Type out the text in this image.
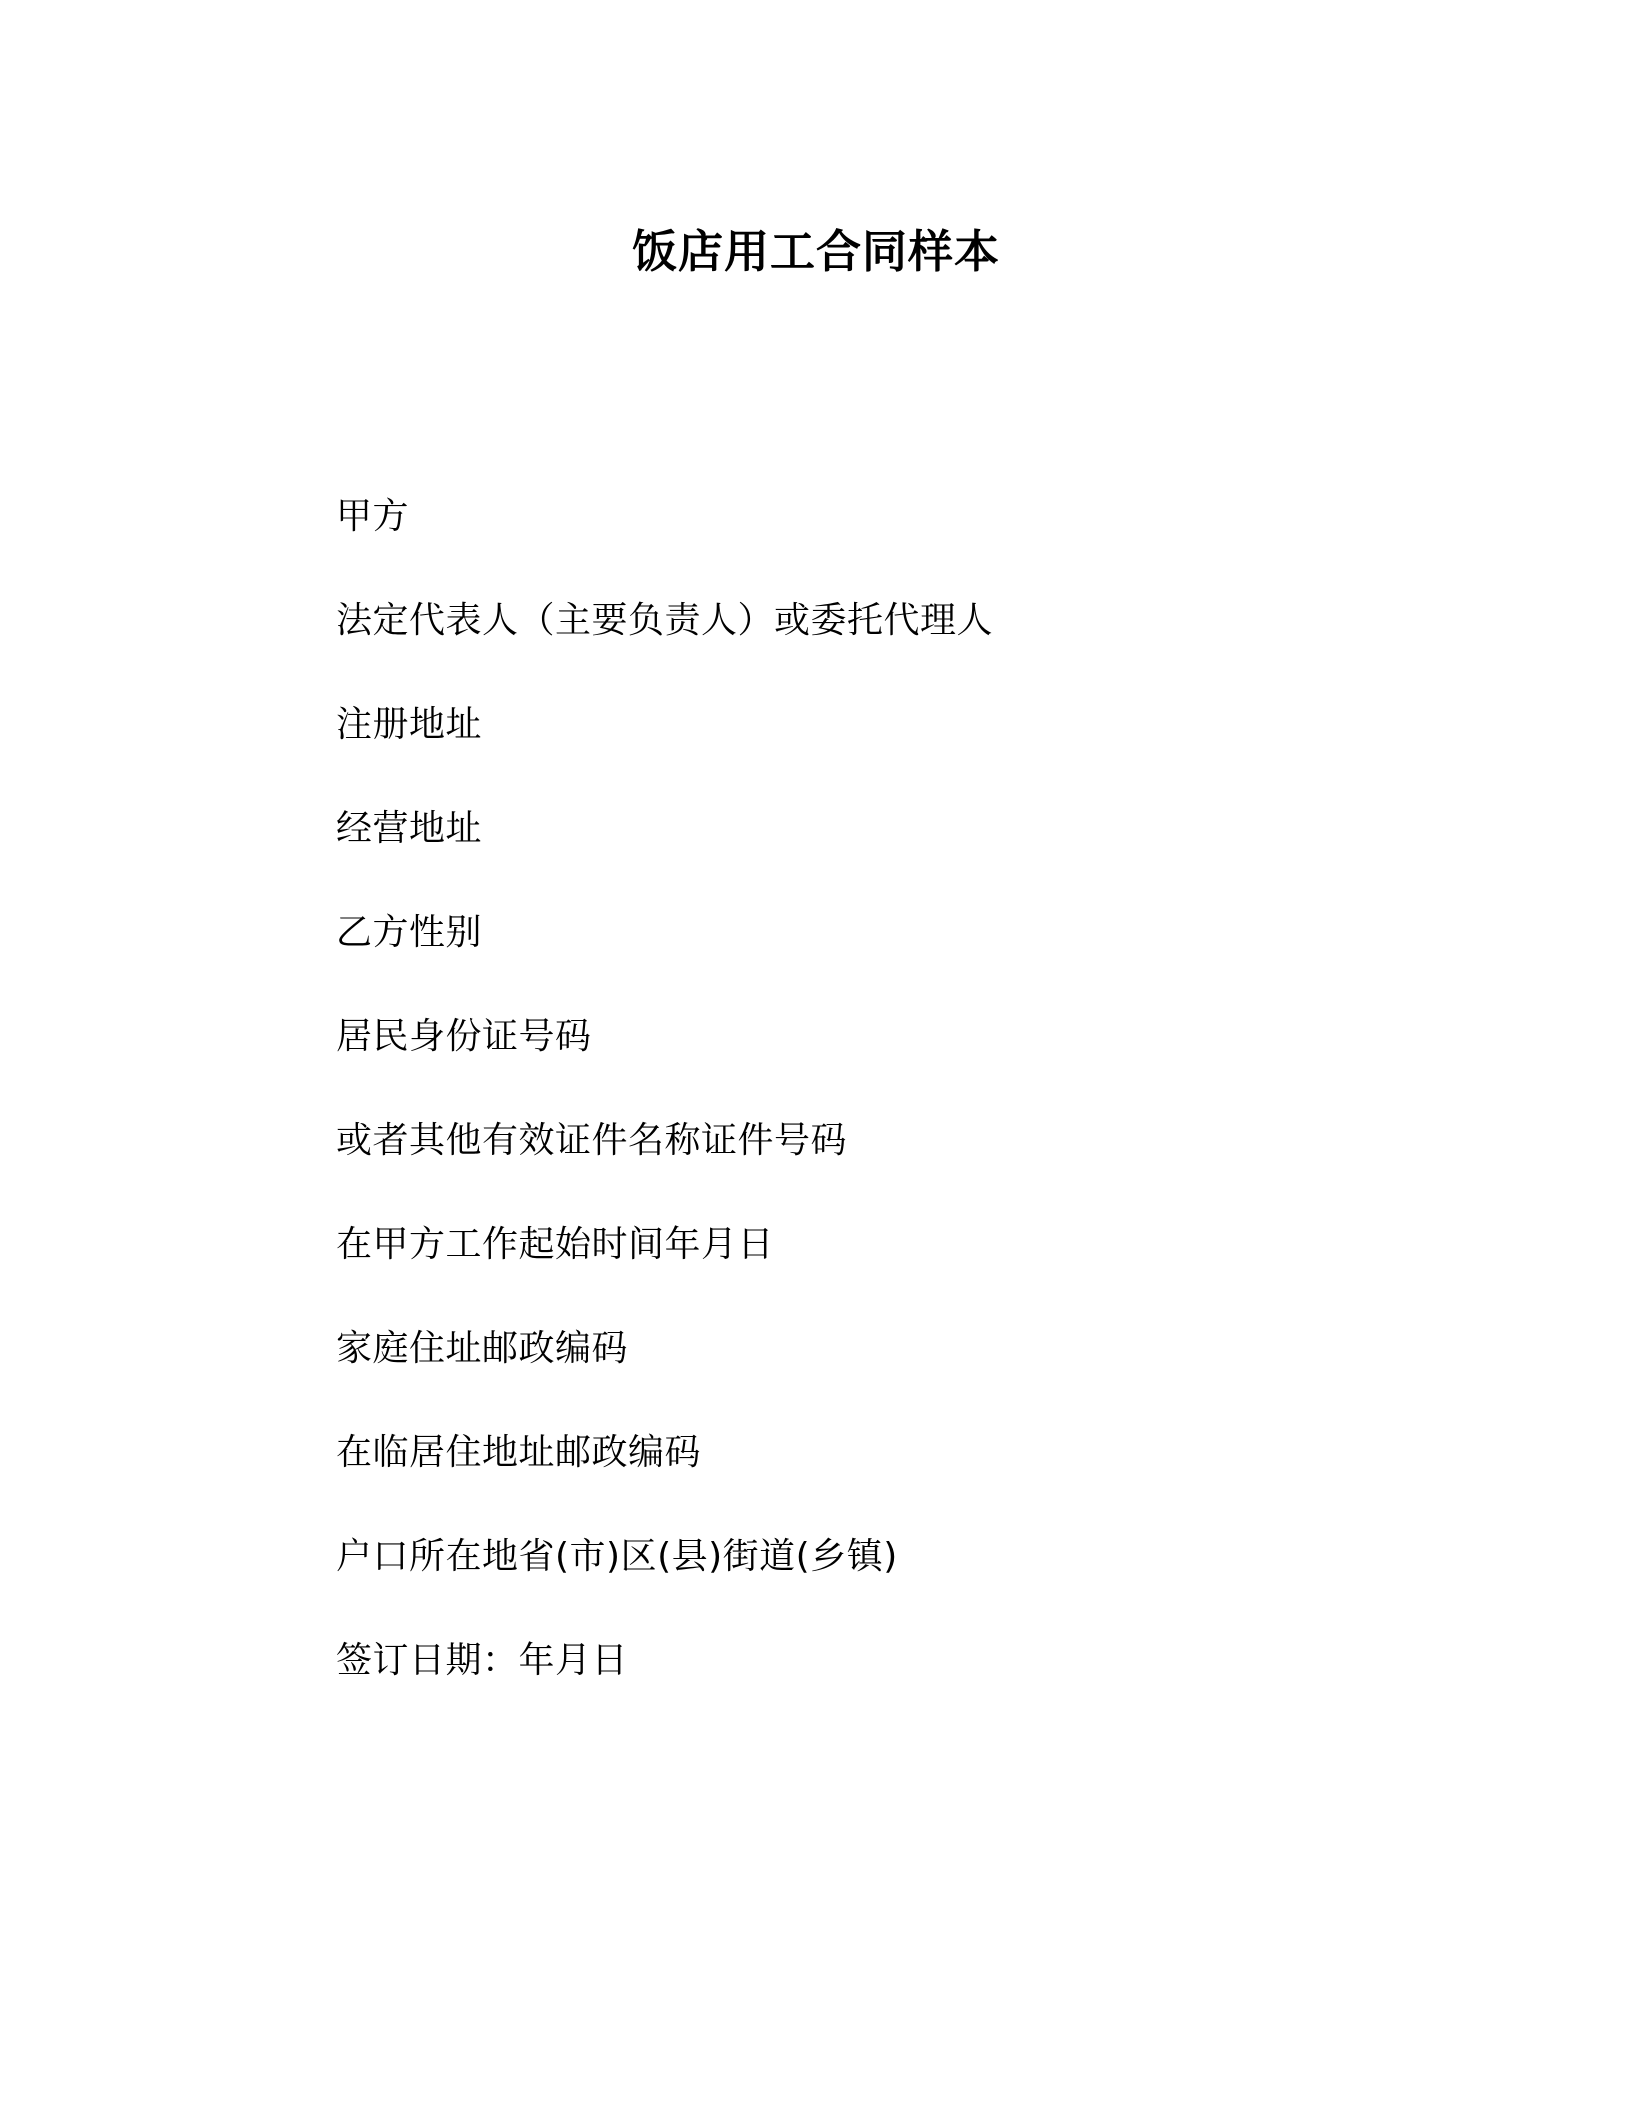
饭店用工合同样本
甲方
法定代表人（主要负责人）或委托代理人
注册地址
经营地址
乙方性别
居民身份证号码
或者其他有效证件名称证件号码
在甲方工作起始时间年月日
家庭住址邮政编码
在临居住地址邮政编码
户口所在地省(市)区(县)街道(乡镇)
签订日期：年月日
